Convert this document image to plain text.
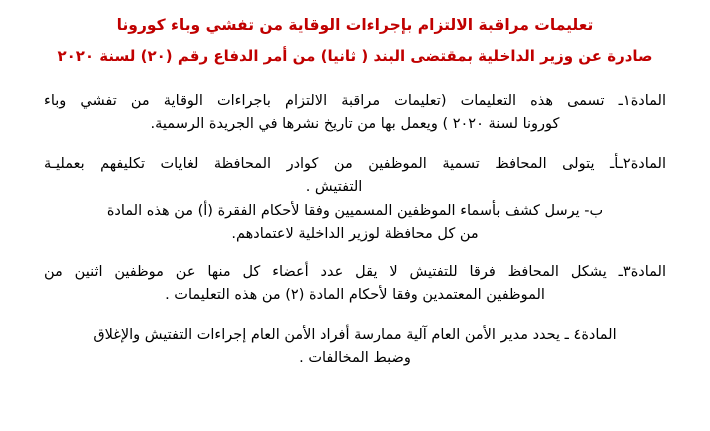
تعليمات مراقبة الالتزام بإجراءات الوقاية من تفشي وباء كورونا
صادرة عن وزير الداخلية بمقتضى البند ( ثانيا) من أمر الدفاع رقم (٢٠) لسنة ٢٠٢٠

المادة١ـ تسمى هذه التعليمات (تعليمات مراقبة الالتزام باجراءات الوقاية من تفشي وباء
كورونا لسنة ٢٠٢٠ ) ويعمل بها من تاريخ نشرها في الجريدة الرسمية.

المادة٢ـأـ يتولى المحافظ تسمية الموظفين من كوادر المحافظة لغايات تكليفهم بعمليـة
التفتيش .
ب- يرسل كشف بأسماء الموظفين المسميين وفقا لأحكام الفقرة (أ) من هذه المادة
من كل محافظة لوزير الداخلية لاعتمادهم.

المادة٣ـ يشكل المحافظ فرقا للتفتيش لا يقل عدد أعضاء كل منها عن موظفين اثنين من
الموظفين المعتمدين وفقا لأحكام المادة (٢) من هذه التعليمات .

المادة٤ ـ يحدد مدير الأمن العام آلية ممارسة أفراد الأمن العام إجراءات التفتيش والإغلاق
وضبط المخالفات .
